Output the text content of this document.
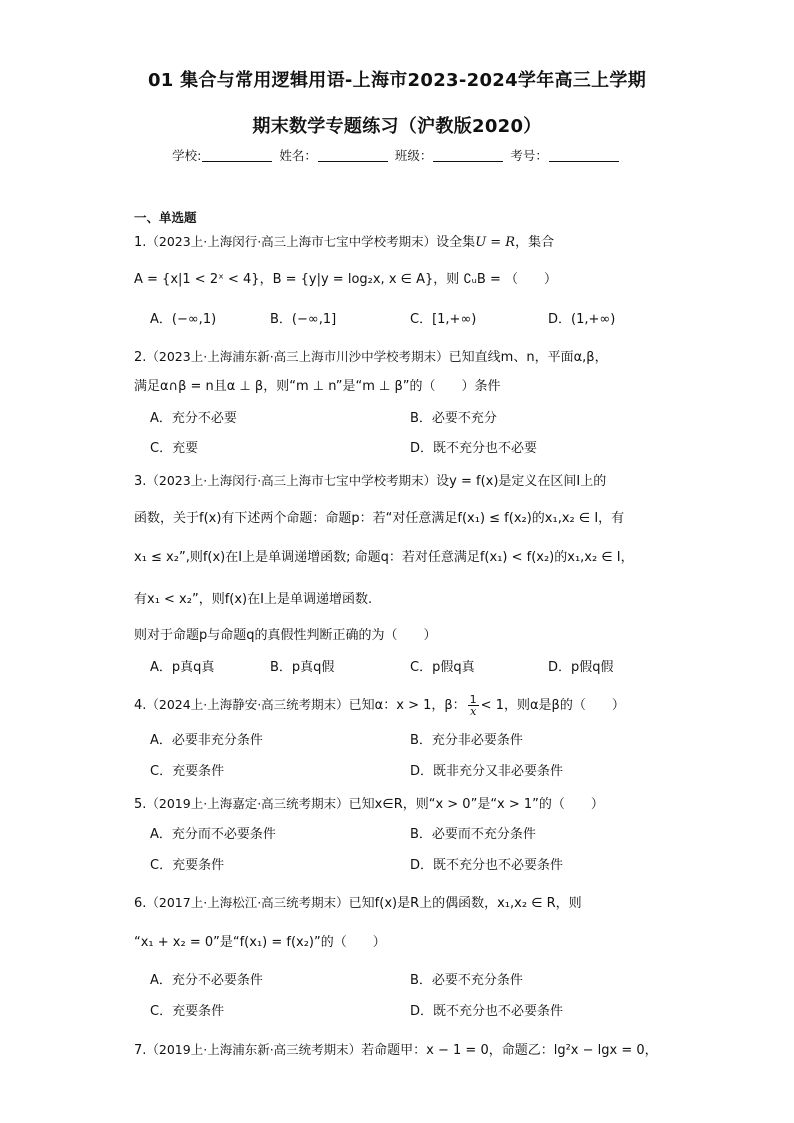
01 集合与常用逻辑用语-上海市2023-2024学年高三上学期
期末数学专题练习（沪教版2020）
学校:	姓名：	班级：	考号：
一、单选题
1.（2023上·上海闵行·高三上海市七宝中学校考期末）设全集U = R，集合
A = {x|1 < 2ˣ < 4}，B = {y|y = log₂x, x ∈ A}，则 ∁ᵤB = （　　）
A．(−∞,1)	B．(−∞,1]	C．[1,+∞)	D．(1,+∞)
2.（2023上·上海浦东新·高三上海市川沙中学校考期末）已知直线m、n，平面α,β，
满足α∩β = n且α ⊥ β，则“m ⊥ n”是“m ⊥ β”的（　　）条件
A．充分不必要	B．必要不充分
C．充要	D．既不充分也不必要
3.（2023上·上海闵行·高三上海市七宝中学校考期末）设y = f(x)是定义在区间I上的
函数，关于f(x)有下述两个命题：命题p：若“对任意满足f(x₁) ≤ f(x₂)的x₁,x₂ ∈ I，有
x₁ ≤ x₂”,则f(x)在I上是单调递增函数; 命题q：若对任意满足f(x₁) < f(x₂)的x₁,x₂ ∈ I，
有x₁ < x₂”，则f(x)在I上是单调递增函数.
则对于命题p与命题q的真假性判断正确的为（　　）
A．p真q真	B．p真q假	C．p假q真	D．p假q假
4.（2024上·上海静安·高三统考期末）已知α：x > 1，β： $\frac{1}{x} < 1$，则α是β的（　　）
A．必要非充分条件	B．充分非必要条件
C．充要条件	D．既非充分又非必要条件
5.（2019上·上海嘉定·高三统考期末）已知x∈R，则“x > 0”是“x > 1”的（　　）
A．充分而不必要条件	B．必要而不充分条件
C．充要条件	D．既不充分也不必要条件
6.（2017上·上海松江·高三统考期末）已知f(x)是R上的偶函数，x₁,x₂ ∈ R，则
“x₁ + x₂ = 0”是“f(x₁) = f(x₂)”的（　　）
A．充分不必要条件	B．必要不充分条件
C．充要条件	D．既不充分也不必要条件
7.（2019上·上海浦东新·高三统考期末）若命题甲：x − 1 = 0，命题乙：lg²x − lgx = 0，
